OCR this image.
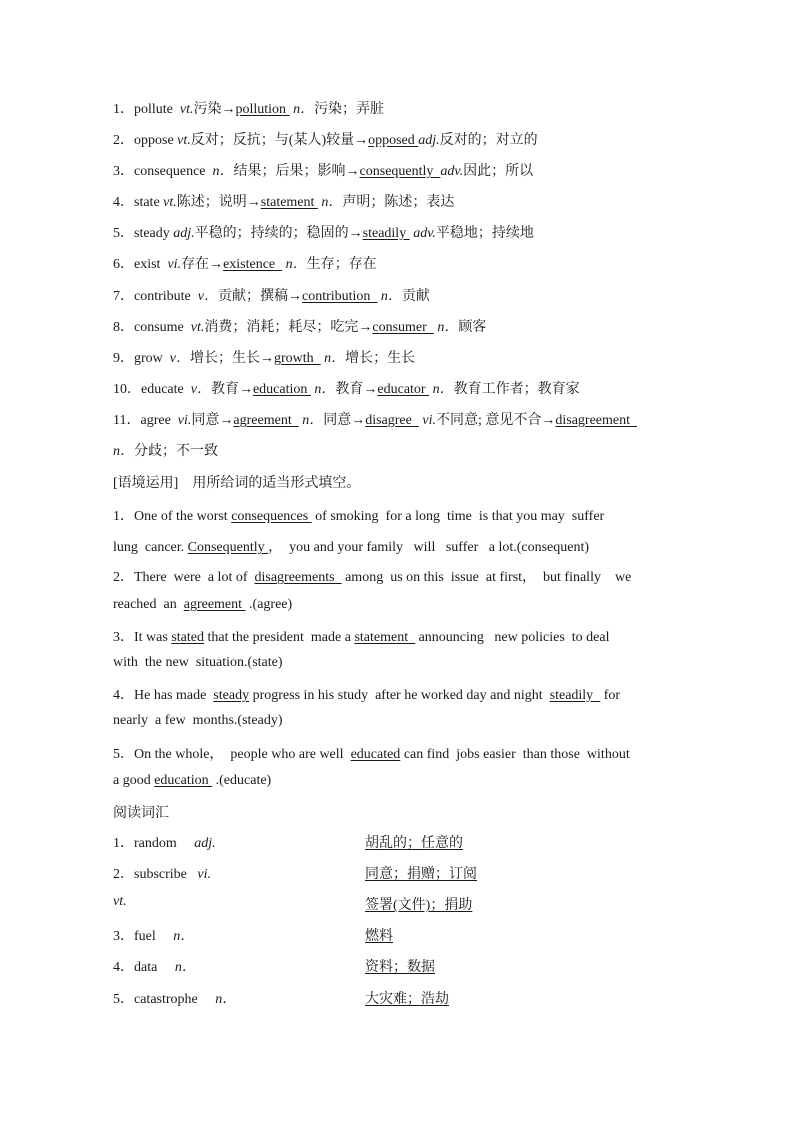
1．pollute  vt.污染→pollution  n．污染；弄脏
2．oppose vt.反对；反抗；与(某人)较量→opposed adj.反对的；对立的
3．consequence  n．结果；后果；影响→consequently  adv.因此；所以
4．state vt.陈述；说明→statement  n．声明；陈述；表达
5．steady adj.平稳的；持续的；稳固的→steadily  adv.平稳地；持续地
6．exist  vi.存在→existence   n．生存；存在
7．contribute  v．贡献；撰稿→contribution   n．贡献
8．consume  vt.消费；消耗；耗尽；吃完→consumer   n．顾客
9．grow  v．增长；生长→growth   n．增长；生长
10．educate  v．教育→education  n．教育→educator  n．教育工作者；教育家
11．agree  vi.同意→agreement   n．同意→disagree   vi.不同意; 意见不合→disagreement
n．分歧；不一致
[语境运用]　用所给词的适当形式填空。
1．One of the worst consequences  of smoking  for a long  time  is that you may  suffer
lung  cancer. Consequently ，  you and your family   will   suffer   a lot.(consequent)
2．There  were  a lot of  disagreements   among  us on this  issue  at first，  but finally    we
reached  an  agreement  .(agree)
3．It was stated that the president  made a statement   announcing   new policies  to deal
with  the new  situation.(state)
4．He has made  steady progress in his study  after he worked day and night  steadily   for
nearly  a few  months.(steady)
5．On the whole，  people who are well  educated can find  jobs easier  than those  without
a good education  .(educate)
阅读词汇
1．random     adj.	胡乱的；任意的
2．subscribe   vi.	同意；捐赠；订阅
vt.	签署(文件)；捐助
3．fuel     n．	燃料
4．data     n．	资料；数据
5．catastrophe     n．	大灾难；浩劫
